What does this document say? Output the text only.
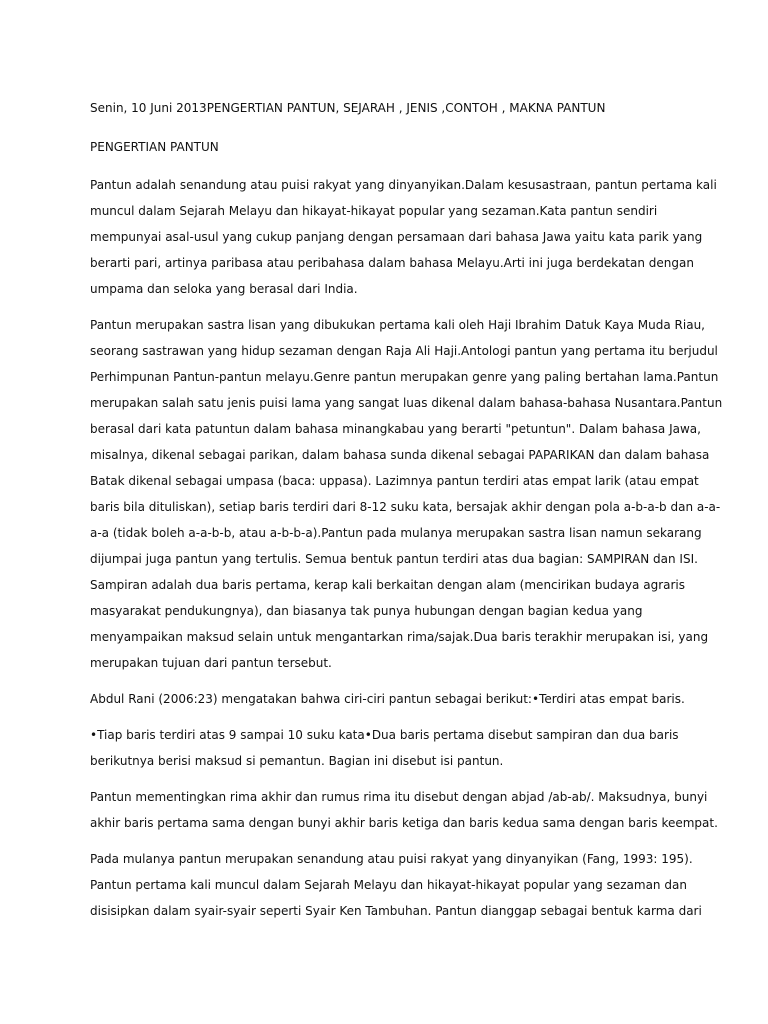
Senin, 10 Juni 2013PENGERTIAN PANTUN, SEJARAH , JENIS ,CONTOH , MAKNA PANTUN

PENGERTIAN PANTUN

Pantun adalah senandung atau puisi rakyat yang dinyanyikan.Dalam kesusastraan, pantun pertama kali
muncul dalam Sejarah Melayu dan hikayat-hikayat popular yang sezaman.Kata pantun sendiri
mempunyai asal-usul yang cukup panjang dengan persamaan dari bahasa Jawa yaitu kata parik yang
berarti pari, artinya paribasa atau peribahasa dalam bahasa Melayu.Arti ini juga berdekatan dengan
umpama dan seloka yang berasal dari India.

Pantun merupakan sastra lisan yang dibukukan pertama kali oleh Haji Ibrahim Datuk Kaya Muda Riau,
seorang sastrawan yang hidup sezaman dengan Raja Ali Haji.Antologi pantun yang pertama itu berjudul
Perhimpunan Pantun-pantun melayu.Genre pantun merupakan genre yang paling bertahan lama.Pantun
merupakan salah satu jenis puisi lama yang sangat luas dikenal dalam bahasa-bahasa Nusantara.Pantun
berasal dari kata patuntun dalam bahasa minangkabau yang berarti "petuntun". Dalam bahasa Jawa,
misalnya, dikenal sebagai parikan, dalam bahasa sunda dikenal sebagai PAPARIKAN dan dalam bahasa
Batak dikenal sebagai umpasa (baca: uppasa). Lazimnya pantun terdiri atas empat larik (atau empat
baris bila dituliskan), setiap baris terdiri dari 8-12 suku kata, bersajak akhir dengan pola a-b-a-b dan a-a-
a-a (tidak boleh a-a-b-b, atau a-b-b-a).Pantun pada mulanya merupakan sastra lisan namun sekarang
dijumpai juga pantun yang tertulis. Semua bentuk pantun terdiri atas dua bagian: SAMPIRAN dan ISI.
Sampiran adalah dua baris pertama, kerap kali berkaitan dengan alam (mencirikan budaya agraris
masyarakat pendukungnya), dan biasanya tak punya hubungan dengan bagian kedua yang
menyampaikan maksud selain untuk mengantarkan rima/sajak.Dua baris terakhir merupakan isi, yang
merupakan tujuan dari pantun tersebut.

Abdul Rani (2006:23) mengatakan bahwa ciri-ciri pantun sebagai berikut:•Terdiri atas empat baris.

•Tiap baris terdiri atas 9 sampai 10 suku kata•Dua baris pertama disebut sampiran dan dua baris
berikutnya berisi maksud si pemantun. Bagian ini disebut isi pantun.

Pantun mementingkan rima akhir dan rumus rima itu disebut dengan abjad /ab-ab/. Maksudnya, bunyi
akhir baris pertama sama dengan bunyi akhir baris ketiga dan baris kedua sama dengan baris keempat.

Pada mulanya pantun merupakan senandung atau puisi rakyat yang dinyanyikan (Fang, 1993: 195).
Pantun pertama kali muncul dalam Sejarah Melayu dan hikayat-hikayat popular yang sezaman dan
disisipkan dalam syair-syair seperti Syair Ken Tambuhan. Pantun dianggap sebagai bentuk karma dari
